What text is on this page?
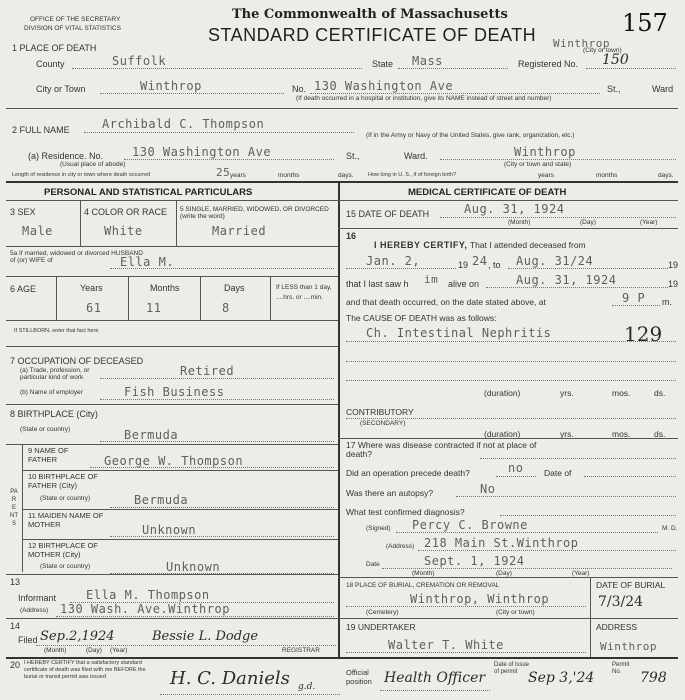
OFFICE OF THE SECRETARY
DIVISION OF VITAL STATISTICS
The Commonwealth of Massachusetts
STANDARD CERTIFICATE OF DEATH	157
1 PLACE OF DEATH	Winthrop
(City or town)
County	Suffolk	State Mass	Registered No. 150
City or Town	Winthrop	No. 130 Washington Ave	St.,	Ward
(If death occurred in a hospital or institution, give its NAME instead of street and number)
2 FULL NAME	Archibald C. Thompson
(If in the Army or Navy of the United States, give rank, organization, etc.)
(a) Residence. No. 130 Washington Ave	St.,	Ward.	Winthrop
(Usual place of abode)	(City or town and state)
Length of residence in city or town where death occurred	25 years	months	days.	How long in U. S., if of foreign birth?	years	months	days.
PERSONAL AND STATISTICAL PARTICULARS	MEDICAL CERTIFICATE OF DEATH
3 SEX
Male
4 COLOR OR RACE
White
5 SINGLE, MARRIED, WIDOWED, OR DIVORCED (write the word)
Married
5a If married, widowed or divorced HUSBAND of (or) WIFE of	Ella M.
6 AGE	Years
61
Months
11
Days
8
If LESS than 1 day, ....hrs. or ....min.
If STILLBORN, enter that fact here
7 OCCUPATION OF DECEASED
(a) Trade, profession, or particular kind of work	Retired
(b) Name of employer	Fish Business
8 BIRTHPLACE (City)
(State or country)	Bermuda
PARENTS
9 NAME OF FATHER	George W. Thompson
10 BIRTHPLACE OF FATHER (City)
(State or country)	Bermuda
11 MAIDEN NAME OF MOTHER	Unknown
12 BIRTHPLACE OF MOTHER (City)
(State or country)	Unknown
13
Informant Ella M. Thompson
(Address) 130 Wash. Ave.Winthrop
14
Filed Sep.2,1924	Bessie L. Dodge
(Month)	(Day) (Year)	REGISTRAR
15 DATE OF DEATH	Aug. 31, 1924
(Month)	(Day)	(Year)
16
I HEREBY CERTIFY, That I attended deceased from
Jan. 2,	19 24 , to Aug. 31/24	19
that I last saw h im alive on	Aug. 31, 1924	19
and that death occurred, on the date stated above, at	9 P m.
The CAUSE OF DEATH was as follows:
Ch. Intestinal Nephritis	129
(duration)	yrs.	mos.	ds.
CONTRIBUTORY
(SECONDARY)
(duration)	yrs.	mos.	ds.
17 Where was disease contracted if not at place of death?
Did an operation precede death?	no Date of
Was there an autopsy?	No
What test confirmed diagnosis?
(Signed) Percy C. Browne	M. D.
(Address) 218 Main St.Winthrop
Date	Sept. 1, 1924
(Month)	(Day)	(Year)
18 PLACE OF BURIAL, CREMATION OR REMOVAL
Winthrop, Winthrop
(Cemetery)	(City or town)
DATE OF BURIAL
7/3/24
19 UNDERTAKER
Walter T. White
ADDRESS
Winthrop
20 I HEREBY CERTIFY that a satisfactory standard certificate of death was filed with me BEFORE the burial or transit permit was issued	H. C. Daniels g.d.
Official position Health Officer
Date of issue of permit Sep 3,'24
Permit No.	798
